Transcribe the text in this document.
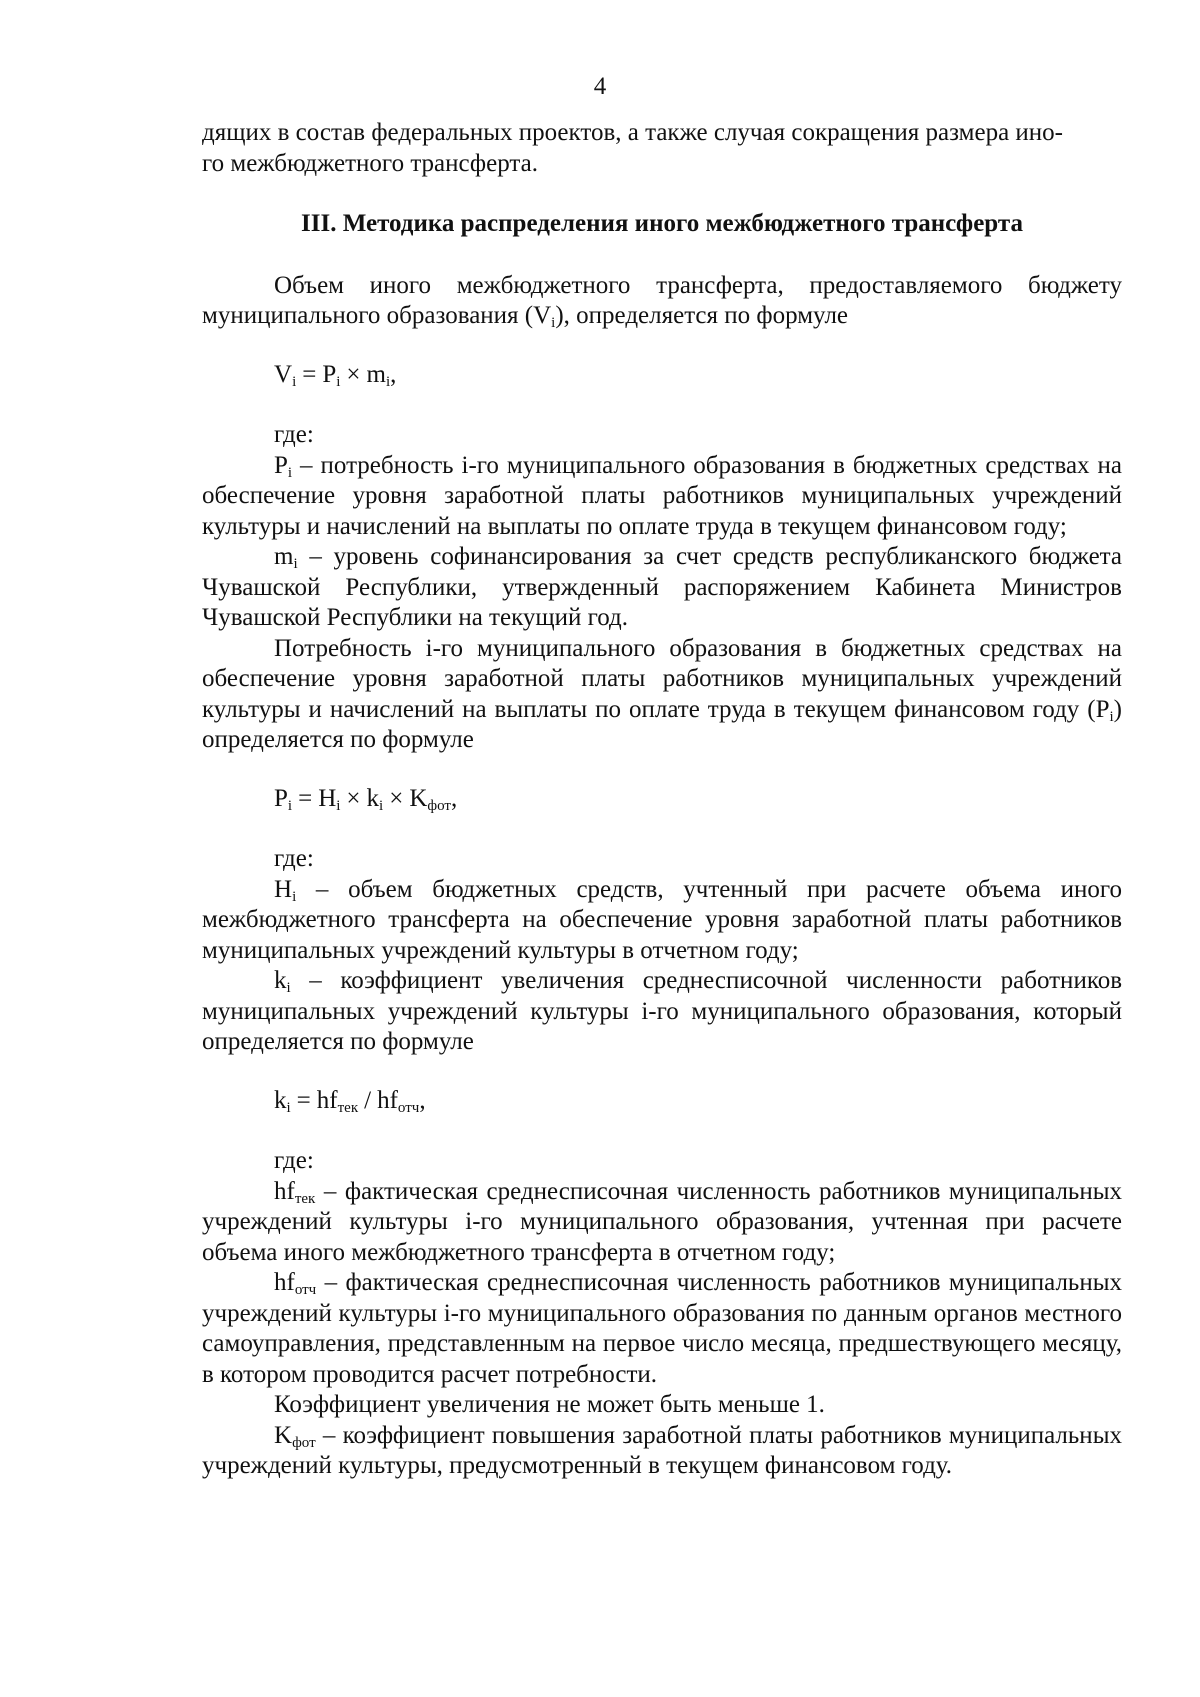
4

дящих в состав федеральных проектов, а также случая сокращения размера ино-
го межбюджетного трансферта.

III. Методика распределения иного межбюджетного трансферта

Объем иного межбюджетного трансферта, предоставляемого бюджету муниципального образования $(V_i)$, определяется по формуле

$V_i = P_i \times m_i$,

где:

$P_i$ – потребность i-го муниципального образования в бюджетных средствах на обеспечение уровня заработной платы работников муниципальных учреждений культуры и начислений на выплаты по оплате труда в текущем финансовом году;

$m_i$ – уровень софинансирования за счет средств республиканского бюджета Чувашской Республики, утвержденный распоряжением Кабинета Министров Чувашской Республики на текущий год.

Потребность i-го муниципального образования в бюджетных средствах на обеспечение уровня заработной платы работников муниципальных учреждений культуры и начислений на выплаты по оплате труда в текущем финансовом году $(P_i)$ определяется по формуле

$P_i = H_i \times k_i \times K_{фот}$,

где:

$H_i$ – объем бюджетных средств, учтенный при расчете объема иного межбюджетного трансферта на обеспечение уровня заработной платы работников муниципальных учреждений культуры в отчетном году;

$k_i$ – коэффициент увеличения среднесписочной численности работников муниципальных учреждений культуры i-го муниципального образования, который определяется по формуле

$k_i = hf_{тек} / hf_{отч}$,

где:

$hf_{тек}$ – фактическая среднесписочная численность работников муниципальных учреждений культуры i-го муниципального образования, учтенная при расчете объема иного межбюджетного трансферта в отчетном году;

$hf_{отч}$ – фактическая среднесписочная численность работников муниципальных учреждений культуры i-го муниципального образования по данным органов местного самоуправления, представленным на первое число месяца, предшествующего месяцу, в котором проводится расчет потребности.

Коэффициент увеличения не может быть меньше 1.

$K_{фот}$ – коэффициент повышения заработной платы работников муниципальных учреждений культуры, предусмотренный в текущем финансовом году.
